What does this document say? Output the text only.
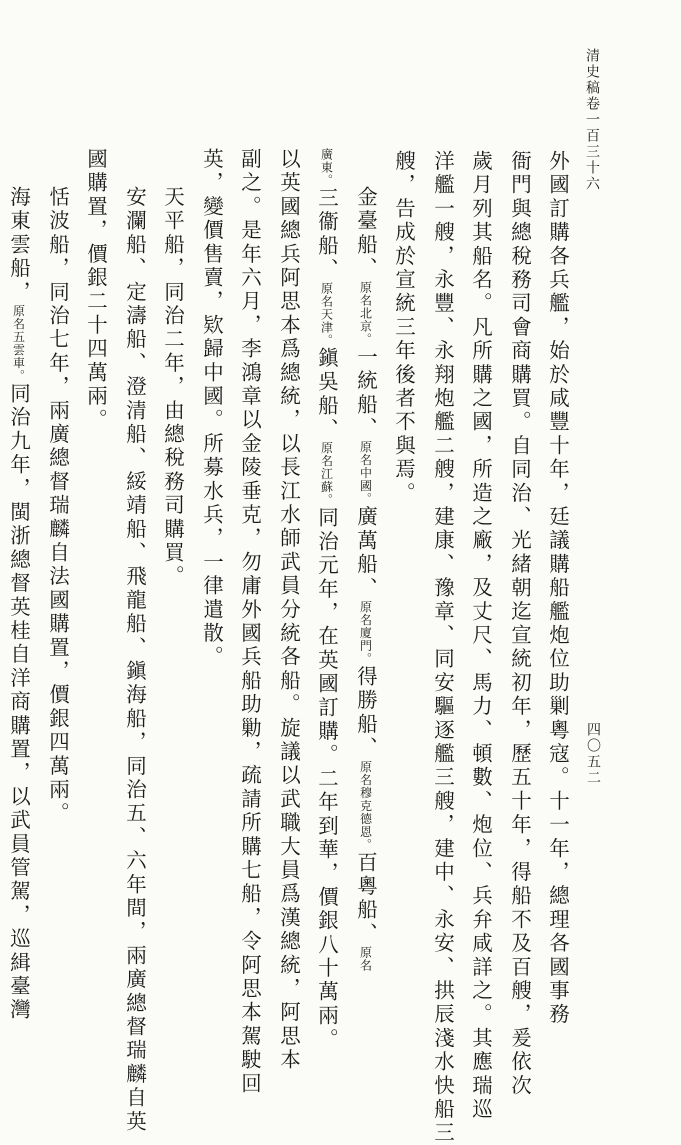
清史稿卷一百三十六
四〇五二
外國訂購各兵艦，始於咸豐十年，廷議購船艦炮位助剿粵寇。十一年，總理各國事務
衙門與總稅務司會商購買。自同治、光緒朝迄宣統初年，歷五十年，得船不及百艘，爰依次
歲月列其船名。凡所購之國，所造之廠，及丈尺、馬力、頓數、炮位、兵弁咸詳之。其應瑞巡
洋艦一艘，永豐、永翔炮艦二艘，建康、豫章、同安驅逐艦三艘，建中、永安、拱辰淺水快船三
艘，告成於宣統三年後者不與焉。
金臺船、原名北京。一統船、原名中國。廣萬船、原名廈門。得勝船、原名穆克德恩。百粵船、原名
廣東。三衞船、原名天津。鎭吳船、原名江蘇。同治元年，在英國訂購。二年到華，價銀八十萬兩。
以英國總兵阿思本爲總統，以長江水師武員分統各船。旋議以武職大員爲漢總統，阿思本
副之。是年六月，李鴻章以金陵垂克，勿庸外國兵船助勦，疏請所購七船，令阿思本駕駛回
英，變價售賣，欵歸中國。所募水兵，一律遣散。
天平船，同治二年，由總稅務司購買。
安瀾船、定濤船、澄清船、綏靖船、飛龍船、鎭海船，同治五、六年間，兩廣總督瑞麟自英
國購置，價銀二十四萬兩。
恬波船，同治七年，兩廣總督瑞麟自法國購置，價銀四萬兩。
海東雲船，原名五雲車。同治九年，閩浙總督英桂自洋商購置，以武員管駕，巡緝臺灣
